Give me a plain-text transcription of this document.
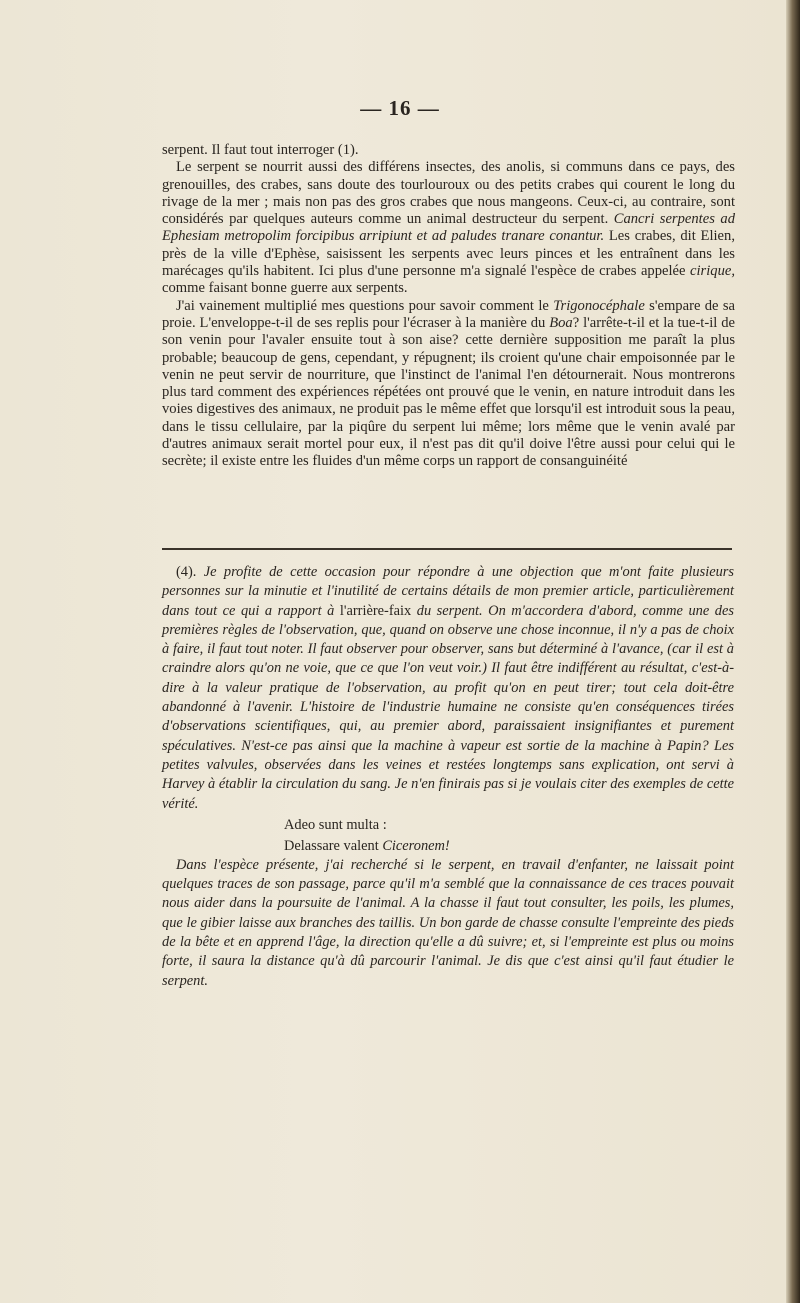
— 16 —

serpent. Il faut tout interroger (1).

Le serpent se nourrit aussi des différens insectes, des anolis, si communs dans ce pays, des grenouilles, des crabes, sans doute des tourlouroux ou des petits crabes qui courent le long du rivage de la mer ; mais non pas des gros crabes que nous mangeons. Ceux-ci, au contraire, sont considérés par quelques auteurs comme un animal destructeur du serpent. Cancri serpentes ad Ephesiam metropolim forcipibus arripiunt et ad paludes tranare conantur. Les crabes, dit Elien, près de la ville d'Ephèse, saisissent les serpents avec leurs pinces et les entraînent dans les marécages qu'ils habitent. Ici plus d'une personne m'a signalé l'espèce de crabes appelée cirique, comme faisant bonne guerre aux serpents.

J'ai vainement multiplié mes questions pour savoir comment le Trigonocéphale s'empare de sa proie. L'enveloppe-t-il de ses replis pour l'écraser à la manière du Boa? l'arrête-t-il et la tue-t-il de son venin pour l'avaler ensuite tout à son aise? cette dernière supposition me paraît la plus probable; beaucoup de gens, cependant, y répugnent; ils croient qu'une chair empoisonnée par le venin ne peut servir de nourriture, que l'instinct de l'animal l'en détournerait. Nous montrerons plus tard comment des expériences répétées ont prouvé que le venin, en nature introduit dans les voies digestives des animaux, ne produit pas le même effet que lorsqu'il est introduit sous la peau, dans le tissu cellulaire, par la piqûre du serpent lui même; lors même que le venin avalé par d'autres animaux serait mortel pour eux, il n'est pas dit qu'il doive l'être aussi pour celui qui le secrète; il existe entre les fluides d'un même corps un rapport de consanguinéité

(4). Je profite de cette occasion pour répondre à une objection que m'ont faite plusieurs personnes sur la minutie et l'inutilité de certains détails de mon premier article, particulièrement dans tout ce qui a rapport à l'arrière-faix du serpent. On m'accordera d'abord, comme une des premières règles de l'observation, que, quand on observe une chose inconnue, il n'y a pas de choix à faire, il faut tout noter. Il faut observer pour observer, sans but déterminé à l'avance, (car il est à craindre alors qu'on ne voie, que ce que l'on veut voir.) Il faut être indifférent au résultat, c'est-à-dire à la valeur pratique de l'observation, au profit qu'on en peut tirer; tout cela doit-être abandonné à l'avenir. L'histoire de l'industrie humaine ne consiste qu'en conséquences tirées d'observations scientifiques, qui, au premier abord, paraissaient insignifiantes et purement spéculatives. N'est-ce pas ainsi que la machine à vapeur est sortie de la machine à Papin? Les petites valvules, observées dans les veines et restées longtemps sans explication, ont servi à Harvey à établir la circulation du sang. Je n'en finirais pas si je voulais citer des exemples de cette vérité.

Adeo sunt multa :

Delassare valent Ciceronem!

Dans l'espèce présente, j'ai recherché si le serpent, en travail d'enfanter, ne laissait point quelques traces de son passage, parce qu'il m'a semblé que la connaissance de ces traces pouvait nous aider dans la poursuite de l'animal. A la chasse il faut tout consulter, les poils, les plumes, que le gibier laisse aux branches des taillis. Un bon garde de chasse consulte l'empreinte des pieds de la bête et en apprend l'âge, la direction qu'elle a dû suivre; et, si l'empreinte est plus ou moins forte, il saura la distance qu'à dû parcourir l'animal. Je dis que c'est ainsi qu'il faut étudier le serpent.
